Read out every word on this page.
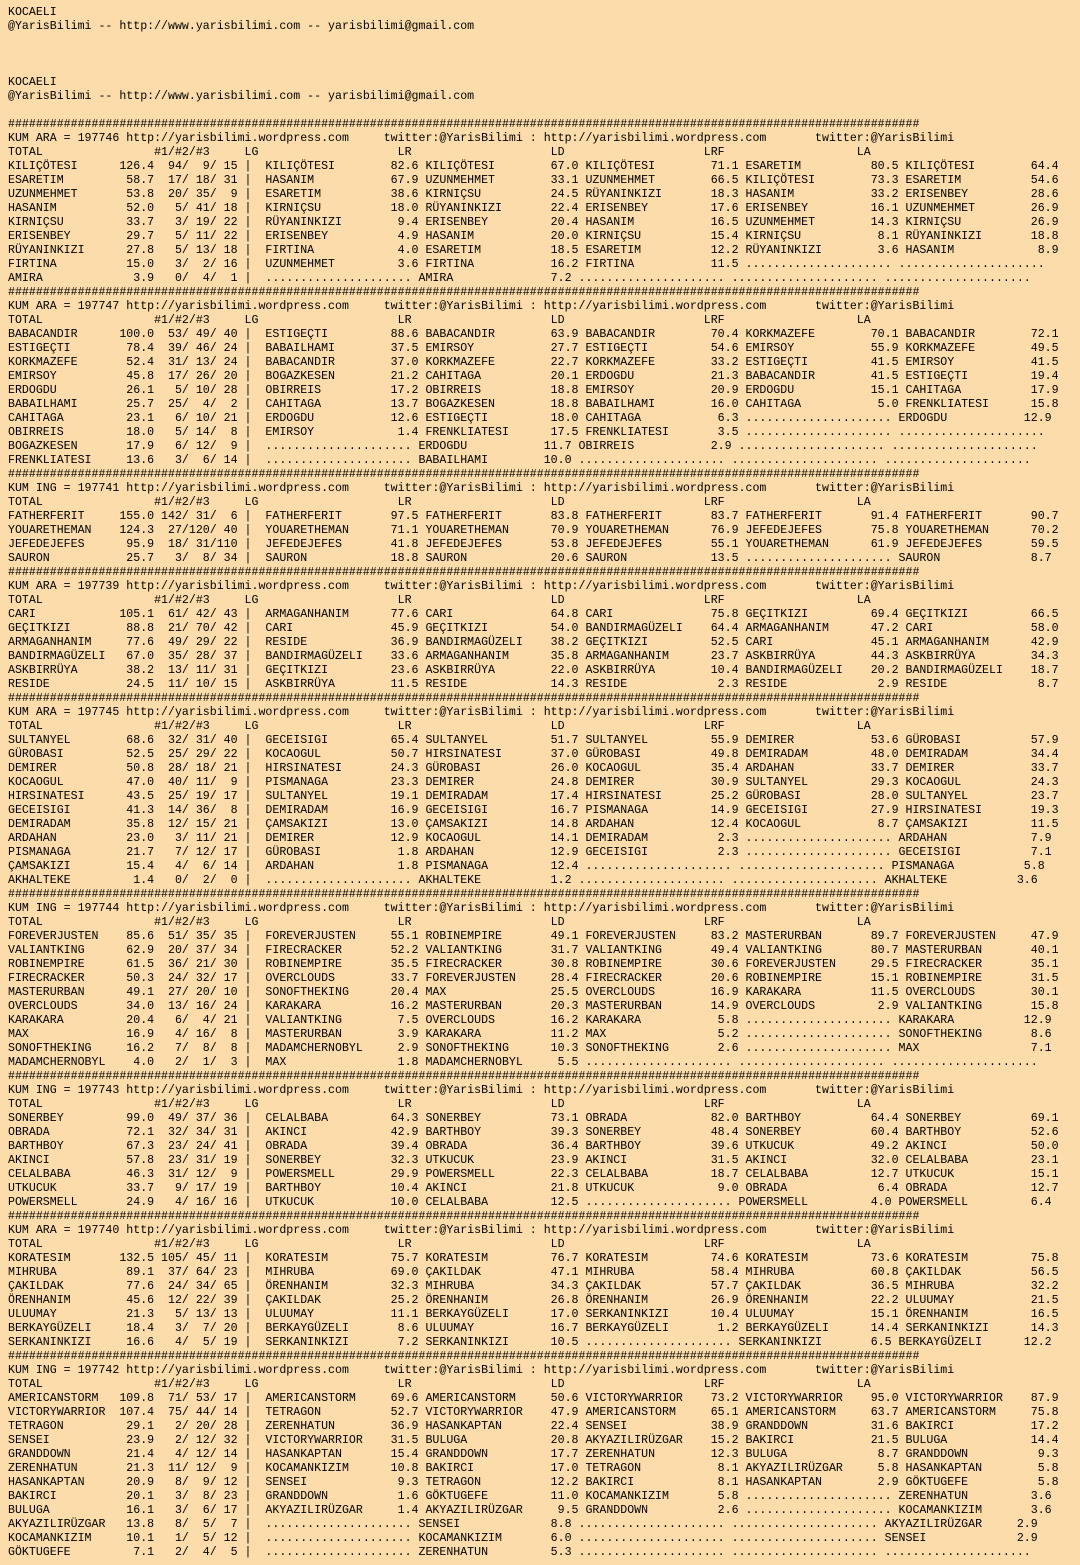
KOCAELI
@YarisBilimi -- http://www.yarisbilimi.com -- yarisbilimi@gmail.com
KOCAELI
@YarisBilimi -- http://www.yarisbilimi.com -- yarisbilimi@gmail.com
###################################################################################################################################
KUM ARA = 197746 http://yarisbilimi.wordpress.com     twitter:@YarisBilimi : http://yarisbilimi.wordpress.com       twitter:@YarisBilimi
TOTAL                #1/#2/#3     LG                    LR                    LD                    LRF                   LA
KILIÇÖTESI      126.4  94/  9/ 15 |  KILIÇÖTESI        82.6 KILIÇÖTESI        67.0 KILIÇÖTESI        71.1 ESARETIM          80.5 KILIÇÖTESI        64.4
ESARETIM         58.7  17/ 18/ 31 |  HASANIM           67.9 UZUNMEHMET        33.1 UZUNMEHMET        66.5 KILIÇÖTESI        73.3 ESARETIM          54.6
UZUNMEHMET       53.8  20/ 35/  9 |  ESARETIM          38.6 KIRNIÇSU          24.5 RÜYANINKIZI       18.3 HASANIM           33.2 ERISENBEY         28.6
HASANIM          52.0   5/ 41/ 18 |  KIRNIÇSU          18.0 RÜYANINKIZI       22.4 ERISENBEY         17.6 ERISENBEY         16.1 UZUNMEHMET        26.9
KIRNIÇSU         33.7   3/ 19/ 22 |  RÜYANINKIZI        9.4 ERISENBEY         20.4 HASANIM           16.5 UZUNMEHMET        14.3 KIRNIÇSU          26.9
ERISENBEY        29.7   5/ 11/ 22 |  ERISENBEY          4.9 HASANIM           20.0 KIRNIÇSU          15.4 KIRNIÇSU           8.1 RÜYANINKIZI       18.8
RÜYANINKIZI      27.8   5/ 13/ 18 |  FIRTINA            4.0 ESARETIM          18.5 ESARETIM          12.2 RÜYANINKIZI        3.6 HASANIM            8.9
FIRTINA          15.0   3/  2/ 16 |  UZUNMEHMET         3.6 FIRTINA           16.2 FIRTINA           11.5 ..................... .....................
AMIRA             3.9   0/  4/  1 |  ..................... AMIRA              7.2 ..................... ..................... .....................
###################################################################################################################################
KUM ARA = 197747 http://yarisbilimi.wordpress.com     twitter:@YarisBilimi : http://yarisbilimi.wordpress.com       twitter:@YarisBilimi
TOTAL                #1/#2/#3     LG                    LR                    LD                    LRF                   LA
BABACANDIR      100.0  53/ 49/ 40 |  ESTIGEÇTI         88.6 BABACANDIR        63.9 BABACANDIR        70.4 KORKMAZEFE        70.1 BABACANDIR        72.1
ESTIGEÇTI        78.4  39/ 46/ 24 |  BABAILHAMI        37.5 EMIRSOY           27.7 ESTIGEÇTI         54.6 EMIRSOY           55.9 KORKMAZEFE        49.5
KORKMAZEFE       52.4  31/ 13/ 24 |  BABACANDIR        37.0 KORKMAZEFE        22.7 KORKMAZEFE        33.2 ESTIGEÇTI         41.5 EMIRSOY           41.5
EMIRSOY          45.8  17/ 26/ 20 |  BOGAZKESEN        21.2 CAHITAGA          20.1 ERDOGDU           21.3 BABACANDIR        41.5 ESTIGEÇTI         19.4
ERDOGDU          26.1   5/ 10/ 28 |  OBIRREIS          17.2 OBIRREIS          18.8 EMIRSOY           20.9 ERDOGDU           15.1 CAHITAGA          17.9
BABAILHAMI       25.7  25/  4/  2 |  CAHITAGA          13.7 BOGAZKESEN        18.8 BABAILHAMI        16.0 CAHITAGA           5.0 FRENKLIATESI      15.8
CAHITAGA         23.1   6/ 10/ 21 |  ERDOGDU           12.6 ESTIGEÇTI         18.0 CAHITAGA           6.3 ..................... ERDOGDU           12.9
OBIRREIS         18.0   5/ 14/  8 |  EMIRSOY            1.4 FRENKLIATESI      17.5 FRENKLIATESI       3.5 ..................... .....................
BOGAZKESEN       17.9   6/ 12/  9 |  ..................... ERDOGDU           11.7 OBIRREIS           2.9 ..................... .....................
FRENKLIATESI     13.6   3/  6/ 14 |  ..................... BABAILHAMI        10.0 ..................... ..................... .....................
###################################################################################################################################
KUM ING = 197741 http://yarisbilimi.wordpress.com     twitter:@YarisBilimi : http://yarisbilimi.wordpress.com       twitter:@YarisBilimi
TOTAL                #1/#2/#3     LG                    LR                    LD                    LRF                   LA
FATHERFERIT     155.0 142/ 31/  6 |  FATHERFERIT       97.5 FATHERFERIT       83.8 FATHERFERIT       83.7 FATHERFERIT       91.4 FATHERFERIT       90.7
YOUARETHEMAN    124.3  27/120/ 40 |  YOUARETHEMAN      71.1 YOUARETHEMAN      70.9 YOUARETHEMAN      76.9 JEFEDEJEFES       75.8 YOUARETHEMAN      70.2
JEFEDEJEFES      95.9  18/ 31/110 |  JEFEDEJEFES       41.8 JEFEDEJEFES       53.8 JEFEDEJEFES       55.1 YOUARETHEMAN      61.9 JEFEDEJEFES       59.5
SAURON           25.7   3/  8/ 34 |  SAURON            18.8 SAURON            20.6 SAURON            13.5 ..................... SAURON             8.7
###################################################################################################################################
KUM ARA = 197739 http://yarisbilimi.wordpress.com     twitter:@YarisBilimi : http://yarisbilimi.wordpress.com       twitter:@YarisBilimi
TOTAL                #1/#2/#3     LG                    LR                    LD                    LRF                   LA
CARI            105.1  61/ 42/ 43 |  ARMAGANHANIM      77.6 CARI              64.8 CARI              75.8 GEÇITKIZI         69.4 GEÇITKIZI         66.5
GEÇITKIZI        88.8  21/ 70/ 42 |  CARI              45.9 GEÇITKIZI         54.0 BANDIRMAGÜZELI    64.4 ARMAGANHANIM      47.2 CARI              58.0
ARMAGANHANIM     77.6  49/ 29/ 22 |  RESIDE            36.9 BANDIRMAGÜZELI    38.2 GEÇITKIZI         52.5 CARI              45.1 ARMAGANHANIM      42.9
BANDIRMAGÜZELI   67.0  35/ 28/ 37 |  BANDIRMAGÜZELI    33.6 ARMAGANHANIM      35.8 ARMAGANHANIM      23.7 ASKBIRRÜYA        44.3 ASKBIRRÜYA        34.3
ASKBIRRÜYA       38.2  13/ 11/ 31 |  GEÇITKIZI         23.6 ASKBIRRÜYA        22.0 ASKBIRRÜYA        10.4 BANDIRMAGÜZELI    20.2 BANDIRMAGÜZELI    18.7
RESIDE           24.5  11/ 10/ 15 |  ASKBIRRÜYA        11.5 RESIDE            14.3 RESIDE             2.3 RESIDE             2.9 RESIDE             8.7
###################################################################################################################################
KUM ARA = 197745 http://yarisbilimi.wordpress.com     twitter:@YarisBilimi : http://yarisbilimi.wordpress.com       twitter:@YarisBilimi
TOTAL                #1/#2/#3     LG                    LR                    LD                    LRF                   LA
SULTANYEL        68.6  32/ 31/ 40 |  GECEISIGI         65.4 SULTANYEL         51.7 SULTANYEL         55.9 DEMIRER           53.6 GÜROBASI          57.9
GÜROBASI         52.5  25/ 29/ 22 |  KOCAOGUL          50.7 HIRSINATESI       37.0 GÜROBASI          49.8 DEMIRADAM         48.0 DEMIRADAM         34.4
DEMIRER          50.8  28/ 18/ 21 |  HIRSINATESI       24.3 GÜROBASI          26.0 KOCAOGUL          35.4 ARDAHAN           33.7 DEMIRER           33.7
KOCAOGUL         47.0  40/ 11/  9 |  PISMANAGA         23.3 DEMIRER           24.8 DEMIRER           30.9 SULTANYEL         29.3 KOCAOGUL          24.3
HIRSINATESI      43.5  25/ 19/ 17 |  SULTANYEL         19.1 DEMIRADAM         17.4 HIRSINATESI       25.2 GÜROBASI          28.0 SULTANYEL         23.7
GECEISIGI        41.3  14/ 36/  8 |  DEMIRADAM         16.9 GECEISIGI         16.7 PISMANAGA         14.9 GECEISIGI         27.9 HIRSINATESI       19.3
DEMIRADAM        35.8  12/ 15/ 21 |  ÇAMSAKIZI         13.0 ÇAMSAKIZI         14.8 ARDAHAN           12.4 KOCAOGUL           8.7 ÇAMSAKIZI         11.5
ARDAHAN          23.0   3/ 11/ 21 |  DEMIRER           12.9 KOCAOGUL          14.1 DEMIRADAM          2.3 ..................... ARDAHAN            7.9
PISMANAGA        21.7   7/ 12/ 17 |  GÜROBASI           1.8 ARDAHAN           12.9 GECEISIGI          2.3 ..................... GECEISIGI          7.1
ÇAMSAKIZI        15.4   4/  6/ 14 |  ARDAHAN            1.8 PISMANAGA         12.4 ..................... ..................... PISMANAGA          5.8
AKHALTEKE         1.4   0/  2/  0 |  ..................... AKHALTEKE          1.2 ..................... ..................... AKHALTEKE          3.6
###################################################################################################################################
KUM ING = 197744 http://yarisbilimi.wordpress.com     twitter:@YarisBilimi : http://yarisbilimi.wordpress.com       twitter:@YarisBilimi
TOTAL                #1/#2/#3     LG                    LR                    LD                    LRF                   LA
FOREVERJUSTEN    85.6  51/ 35/ 35 |  FOREVERJUSTEN     55.1 ROBINEMPIRE       49.1 FOREVERJUSTEN     83.2 MASTERURBAN       89.7 FOREVERJUSTEN     47.9
VALIANTKING      62.9  20/ 37/ 34 |  FIRECRACKER       52.2 VALIANTKING       31.7 VALIANTKING       49.4 VALIANTKING       80.7 MASTERURBAN       40.1
ROBINEMPIRE      61.5  36/ 21/ 30 |  ROBINEMPIRE       35.5 FIRECRACKER       30.8 ROBINEMPIRE       30.6 FOREVERJUSTEN     29.5 FIRECRACKER       35.1
FIRECRACKER      50.3  24/ 32/ 17 |  OVERCLOUDS        33.7 FOREVERJUSTEN     28.4 FIRECRACKER       20.6 ROBINEMPIRE       15.1 ROBINEMPIRE       31.5
MASTERURBAN      49.1  27/ 20/ 10 |  SONOFTHEKING      20.4 MAX               25.5 OVERCLOUDS        16.9 KARAKARA          11.5 OVERCLOUDS        30.1
OVERCLOUDS       34.0  13/ 16/ 24 |  KARAKARA          16.2 MASTERURBAN       20.3 MASTERURBAN       14.9 OVERCLOUDS         2.9 VALIANTKING       15.8
KARAKARA         20.4   6/  4/ 21 |  VALIANTKING        7.5 OVERCLOUDS        16.2 KARAKARA           5.8 ..................... KARAKARA          12.9
MAX              16.9   4/ 16/  8 |  MASTERURBAN        3.9 KARAKARA          11.2 MAX                5.2 ..................... SONOFTHEKING       8.6
SONOFTHEKING     16.2   7/  8/  8 |  MADAMCHERNOBYL     2.9 SONOFTHEKING      10.3 SONOFTHEKING       2.6 ..................... MAX                7.1
MADAMCHERNOBYL    4.0   2/  1/  3 |  MAX                1.8 MADAMCHERNOBYL     5.5 ..................... ..................... .....................
###################################################################################################################################
KUM ING = 197743 http://yarisbilimi.wordpress.com     twitter:@YarisBilimi : http://yarisbilimi.wordpress.com       twitter:@YarisBilimi
TOTAL                #1/#2/#3     LG                    LR                    LD                    LRF                   LA
SONERBEY         99.0  49/ 37/ 36 |  CELALBABA         64.3 SONERBEY          73.1 OBRADA            82.0 BARTHBOY          64.4 SONERBEY          69.1
OBRADA           72.1  32/ 34/ 31 |  AKINCI            42.9 BARTHBOY          39.3 SONERBEY          48.4 SONERBEY          60.4 BARTHBOY          52.6
BARTHBOY         67.3  23/ 24/ 41 |  OBRADA            39.4 OBRADA            36.4 BARTHBOY          39.6 UTKUCUK           49.2 AKINCI            50.0
AKINCI           57.8  23/ 31/ 19 |  SONERBEY          32.3 UTKUCUK           23.9 AKINCI            31.5 AKINCI            32.0 CELALBABA         23.1
CELALBABA        46.3  31/ 12/  9 |  POWERSMELL        29.9 POWERSMELL        22.3 CELALBABA         18.7 CELALBABA         12.7 UTKUCUK           15.1
UTKUCUK          33.7   9/ 17/ 19 |  BARTHBOY          10.4 AKINCI            21.8 UTKUCUK            9.0 OBRADA             6.4 OBRADA            12.7
POWERSMELL       24.9   4/ 16/ 16 |  UTKUCUK           10.0 CELALBABA         12.5 ..................... POWERSMELL         4.0 POWERSMELL         6.4
###################################################################################################################################
KUM ARA = 197740 http://yarisbilimi.wordpress.com     twitter:@YarisBilimi : http://yarisbilimi.wordpress.com       twitter:@YarisBilimi
TOTAL                #1/#2/#3     LG                    LR                    LD                    LRF                   LA
KORATESIM       132.5 105/ 45/ 11 |  KORATESIM         75.7 KORATESIM         76.7 KORATESIM         74.6 KORATESIM         73.6 KORATESIM         75.8
MIHRUBA          89.1  37/ 64/ 23 |  MIHRUBA           69.0 ÇAKILDAK          47.1 MIHRUBA           58.4 MIHRUBA           60.8 ÇAKILDAK          56.5
ÇAKILDAK         77.6  24/ 34/ 65 |  ÖRENHANIM         32.3 MIHRUBA           34.3 ÇAKILDAK          57.7 ÇAKILDAK          36.5 MIHRUBA           32.2
ÖRENHANIM        45.6  12/ 22/ 39 |  ÇAKILDAK          25.2 ÖRENHANIM         26.8 ÖRENHANIM         26.9 ÖRENHANIM         22.2 ULUUMAY           21.5
ULUUMAY          21.3   5/ 13/ 13 |  ULUUMAY           11.1 BERKAYGÜZELI      17.0 SERKANINKIZI      10.4 ULUUMAY           15.1 ÖRENHANIM         16.5
BERKAYGÜZELI     18.4   3/  7/ 20 |  BERKAYGÜZELI       8.6 ULUUMAY           16.7 BERKAYGÜZELI       1.2 BERKAYGÜZELI      14.4 SERKANINKIZI      14.3
SERKANINKIZI     16.6   4/  5/ 19 |  SERKANINKIZI       7.2 SERKANINKIZI      10.5 ..................... SERKANINKIZI       6.5 BERKAYGÜZELI      12.2
###################################################################################################################################
KUM ING = 197742 http://yarisbilimi.wordpress.com     twitter:@YarisBilimi : http://yarisbilimi.wordpress.com       twitter:@YarisBilimi
TOTAL                #1/#2/#3     LG                    LR                    LD                    LRF                   LA
AMERICANSTORM   109.8  71/ 53/ 17 |  AMERICANSTORM     69.6 AMERICANSTORM     50.6 VICTORYWARRIOR    73.2 VICTORYWARRIOR    95.0 VICTORYWARRIOR    87.9
VICTORYWARRIOR  107.4  75/ 44/ 14 |  TETRAGON          52.7 VICTORYWARRIOR    47.9 AMERICANSTORM     65.1 AMERICANSTORM     63.7 AMERICANSTORM     75.8
TETRAGON         29.1   2/ 20/ 28 |  ZERENHATUN        36.9 HASANKAPTAN       22.4 SENSEI            38.9 GRANDDOWN         31.6 BAKIRCI           17.2
SENSEI           23.9   2/ 12/ 32 |  VICTORYWARRIOR    31.5 BULUGA            20.8 AKYAZILIRÜZGAR    15.2 BAKIRCI           21.5 BULUGA            14.4
GRANDDOWN        21.4   4/ 12/ 14 |  HASANKAPTAN       15.4 GRANDDOWN         17.7 ZERENHATUN        12.3 BULUGA             8.7 GRANDDOWN          9.3
ZERENHATUN       21.3  11/ 12/  9 |  KOCAMANKIZIM      10.8 BAKIRCI           17.0 TETRAGON           8.1 AKYAZILIRÜZGAR     5.8 HASANKAPTAN        5.8
HASANKAPTAN      20.9   8/  9/ 12 |  SENSEI             9.3 TETRAGON          12.2 BAKIRCI            8.1 HASANKAPTAN        2.9 GÖKTUGEFE          5.8
BAKIRCI          20.1   3/  8/ 23 |  GRANDDOWN          1.6 GÖKTUGEFE         11.0 KOCAMANKIZIM       5.8 ..................... ZERENHATUN         3.6
BULUGA           16.1   3/  6/ 17 |  AKYAZILIRÜZGAR     1.4 AKYAZILIRÜZGAR     9.5 GRANDDOWN          2.6 ..................... KOCAMANKIZIM       3.6
AKYAZILIRÜZGAR   13.8   8/  5/  7 |  ..................... SENSEI             8.8 ..................... ..................... AKYAZILIRÜZGAR     2.9
KOCAMANKIZIM     10.1   1/  5/ 12 |  ..................... KOCAMANKIZIM       6.0 ..................... ..................... SENSEI             2.9
GÖKTUGEFE         7.1   2/  4/  5 |  ..................... ZERENHATUN         5.3 ..................... ..................... .....................
